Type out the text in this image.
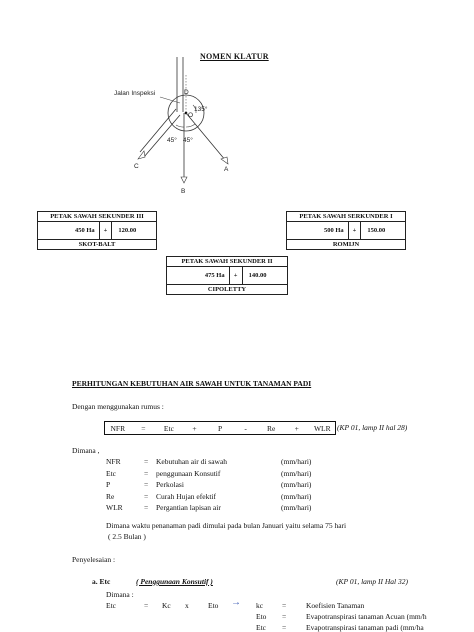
NOMEN KLATUR
Jalan Inspeksi	D
O
135°
45° 45°
A
B
C
PETAK SAWAH SEKUNDER III
450 Ha	+	120.00
SKOT-BALT
PETAK SAWAH SERKUNDER I
500 Ha	+	150.00
ROMIJN
PETAK SAWAH SEKUNDER II
475 Ha	+	140.00
CIPOLETTY
PERHITUNGAN KEBUTUHAN AIR SAWAH UNTUK TANAMAN PADI
Dengan menggunakan rumus :
NFR	=	Etc	+	P	-	Re	+	WLR (KP 01, lamp II hal 28)
Dimana ,
NFR	=	Kebutuhan air di sawah	(mm/hari)
Etc	=	penggunaan Konsutif	(mm/hari)
P	=	Perkolasi	(mm/hari)
Re	=	Curah Hujan efektif	(mm/hari)
WLR	=	Pergantian lapisan air	(mm/hari)
Dimana waktu penanaman padi dimulai pada bulan Januari yaitu selama 75 hari
( 2.5 Bulan )
Penyelesaian :
a. Etc	( Penggunaan Konsutif )	(KP 01, lamp II Hal 32)
Dimana :
Etc	= Kc x	Eto → kc	=	Koefisien Tanaman
Eto =	Evapotranspirasi tanaman Acuan (mm/h
Etc =	Evapotranspirasi tanaman padi (mm/ha
